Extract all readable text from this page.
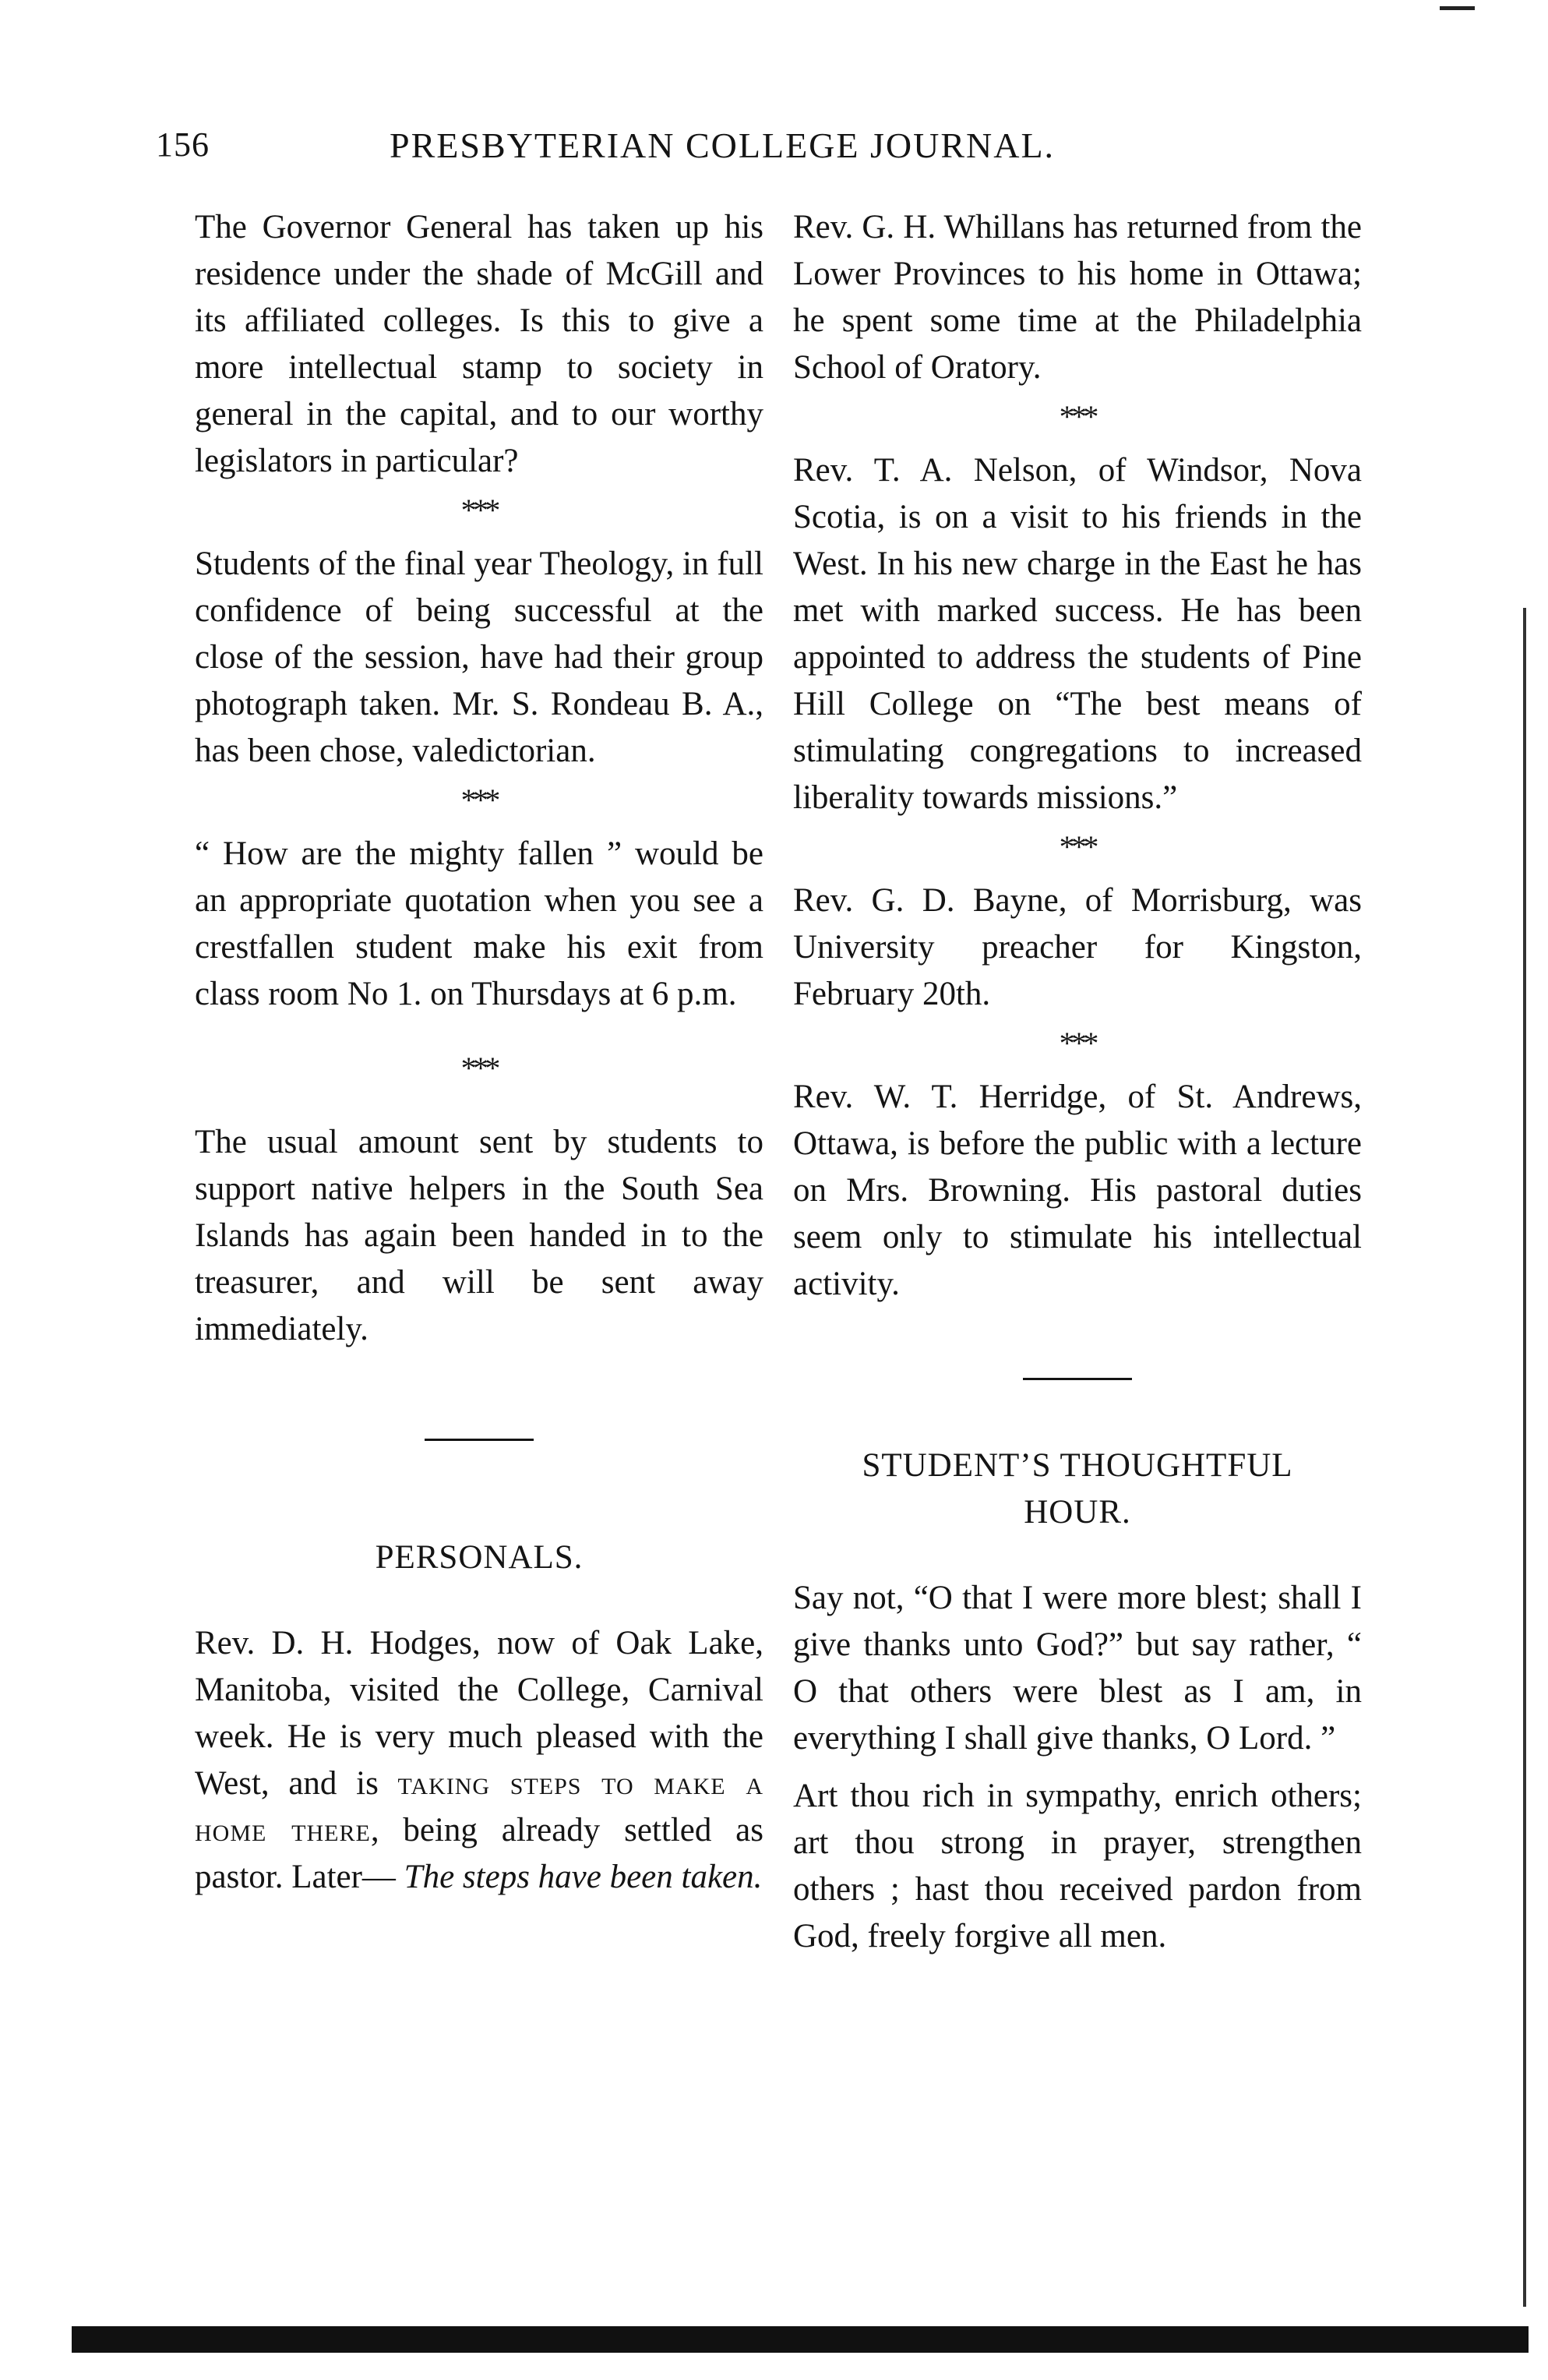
156	PRESBYTERIAN COLLEGE JOURNAL.

The Governor General has taken up his residence under the shade of McGill and its affiliated colleges. Is this to give a more intellectual stamp to society in general in the capital, and to our worthy legislators in particular?

* * *

Students of the final year Theology, in full confidence of being successful at the close of the session, have had their group photograph taken. Mr. S. Rondeau B. A., has been chose, valedictorian.

* * *

“ How are the mighty fallen ” would be an appropriate quotation when you see a crestfallen student make his exit from class room No 1. on Thursdays at 6 p.m.

* * *

The usual amount sent by students to support native helpers in the South Sea Islands has again been handed in to the treasurer, and will be sent away immediately.

PERSONALS.

Rev. D. H. Hodges, now of Oak Lake, Manitoba, visited the College, Carnival week. He is very much pleased with the West, and is taking steps to make a home there, being already settled as pastor. Later— The steps have been taken.

Rev. G. H. Whillans has returned from the Lower Provinces to his home in Ottawa; he spent some time at the Philadelphia School of Oratory.

* * *

Rev. T. A. Nelson, of Windsor, Nova Scotia, is on a visit to his friends in the West. In his new charge in the East he has met with marked success. He has been appointed to address the students of Pine Hill College on “The best means of stimulating congregations to increased liberality towards missions.”

* * *

Rev. G. D. Bayne, of Morrisburg, was University preacher for Kingston, February 20th.

* * *

Rev. W. T. Herridge, of St. Andrews, Ottawa, is before the public with a lecture on Mrs. Browning. His pastoral duties seem only to stimulate his intellectual activity.

STUDENT’S THOUGHTFUL
HOUR.

Say not, “O that I were more blest; shall I give thanks unto God?” but say rather, “ O that others were blest as I am, in everything I shall give thanks, O Lord. ”

Art thou rich in sympathy, enrich others; art thou strong in prayer, strengthen others ; hast thou received pardon from God, freely forgive all men.
